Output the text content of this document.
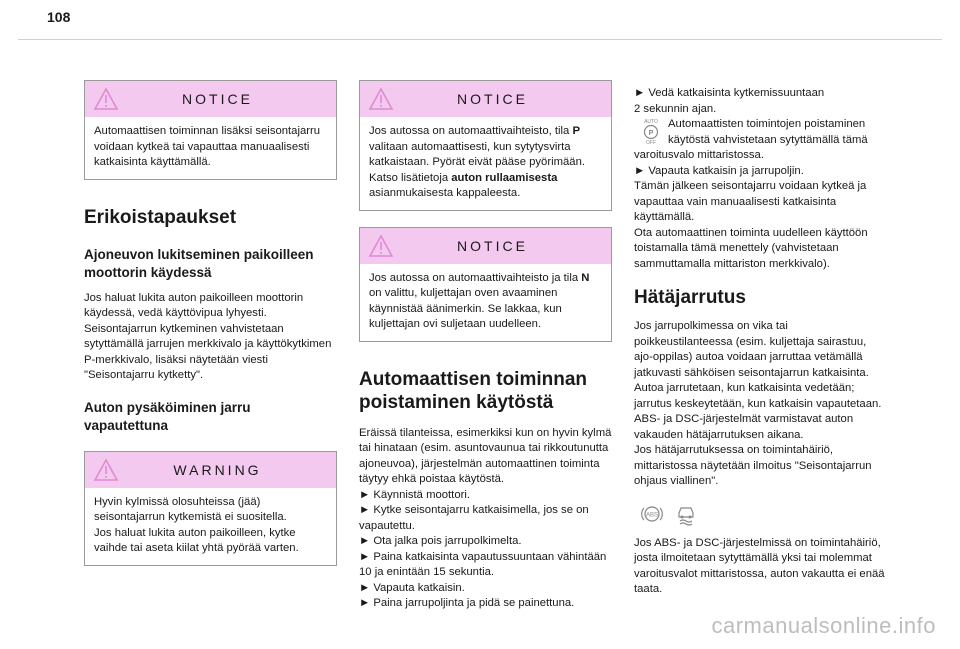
108
NOTICE
Automaattisen toiminnan lisäksi seisontajarru voidaan kytkeä tai vapauttaa manuaalisesti katkaisinta käyttämällä.
Erikoistapaukset
Ajoneuvon lukitseminen paikoilleen moottorin käydessä
Jos haluat lukita auton paikoilleen moottorin käydessä, vedä käyttövipua lyhyesti.
Seisontajarrun kytkeminen vahvistetaan sytyttämällä jarrujen merkkivalo ja käyttökytkimen P-merkkivalo, lisäksi näytetään viesti "Seisontajarru kytketty".
Auton pysäköiminen jarru vapautettuna
WARNING
Hyvin kylmissä olosuhteissa (jää) seisontajarrun kytkemistä ei suositella.
Jos haluat lukita auton paikoilleen, kytke vaihde tai aseta kiilat yhtä pyörää varten.
NOTICE
Jos autossa on automaattivaihteisto, tila P valitaan automaattisesti, kun sytytysvirta katkaistaan. Pyörät eivät pääse pyörimään.
Katso lisätietoja auton rullaamisesta asianmukaisesta kappaleesta.
NOTICE
Jos autossa on automaattivaihteisto ja tila N on valittu, kuljettajan oven avaaminen käynnistää äänimerkin. Se lakkaa, kun kuljettajan ovi suljetaan uudelleen.
Automaattisen toiminnan poistaminen käytöstä
Eräissä tilanteissa, esimerkiksi kun on hyvin kylmä tai hinataan (esim. asuntovaunua tai rikkoutunutta ajoneuvoa), järjestelmän automaattinen toiminta täytyy ehkä poistaa käytöstä.
► Käynnistä moottori.
► Kytke seisontajarru katkaisimella, jos se on vapautettu.
► Ota jalka pois jarrupolkimelta.
► Paina katkaisinta vapautussuuntaan vähintään 10 ja enintään 15 sekuntia.
► Vapauta katkaisin.
► Paina jarrupoljinta ja pidä se painettuna.
► Vedä katkaisinta kytkemissuuntaan
2 sekunnin ajan.
AUTO
P
OFF
Automaattisten toimintojen poistaminen käytöstä vahvistetaan sytyttämällä tämä varoitusvalo mittaristossa.
► Vapauta katkaisin ja jarrupoljin.
Tämän jälkeen seisontajarru voidaan kytkeä ja vapauttaa vain manuaalisesti katkaisinta käyttämällä.
Ota automaattinen toiminta uudelleen käyttöön toistamalla tämä menettely (vahvistetaan sammuttamalla mittariston merkkivalo).
Hätäjarrutus
Jos jarrupolkimessa on vika tai poikkeustilanteessa (esim. kuljettaja sairastuu, ajo-oppilas) autoa voidaan jarruttaa vetämällä jatkuvasti sähköisen seisontajarrun katkaisinta. Autoa jarrutetaan, kun katkaisinta vedetään; jarrutus keskeytetään, kun katkaisin vapautetaan.
ABS- ja DSC-järjestelmät varmistavat auton vakauden hätäjarrutuksen aikana.
Jos hätäjarrutuksessa on toimintahäiriö, mittaristossa näytetään ilmoitus "Seisontajarrun ohjaus viallinen".
ABS
Jos ABS- ja DSC-järjestelmissä on toimintahäiriö, josta ilmoitetaan sytyttämällä yksi tai molemmat varoitusvalot mittaristossa, auton vakautta ei enää taata.
carmanualsonline.info
